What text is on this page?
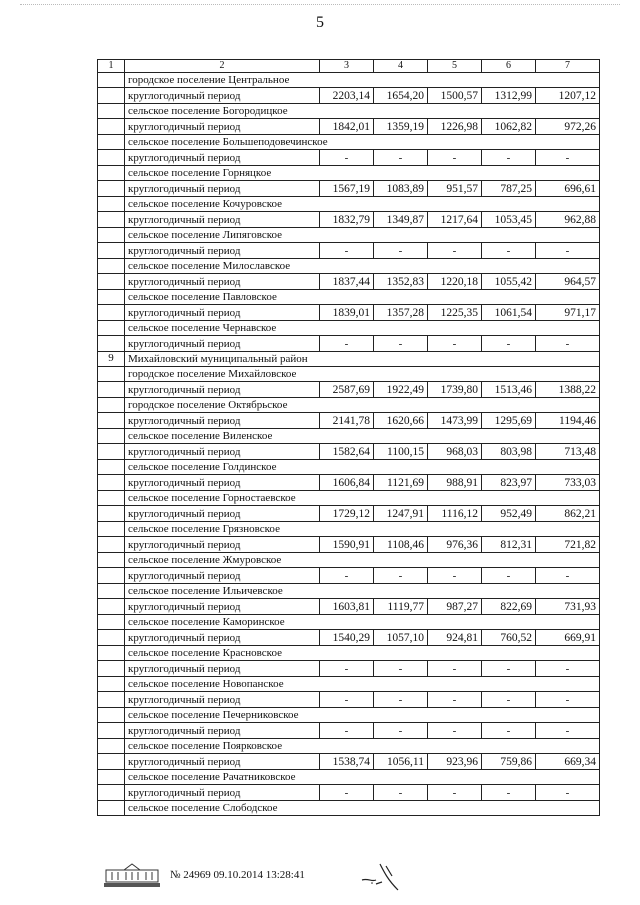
5
1	2	3	4	5	6	7
	городское поселение Центральное					
	круглогодичный период	2203,14	1654,20	1500,57	1312,99	1207,12
	сельское поселение Богородицкое					
	круглогодичный период	1842,01	1359,19	1226,98	1062,82	972,26
	сельское поселение Большеподовечинское					
	круглогодичный период	-	-	-	-	-
	сельское поселение Горняцкое					
	круглогодичный период	1567,19	1083,89	951,57	787,25	696,61
	сельское поселение Кочуровское					
	круглогодичный период	1832,79	1349,87	1217,64	1053,45	962,88
	сельское поселение Липяговское					
	круглогодичный период	-	-	-	-	-
	сельское поселение Милославское					
	круглогодичный период	1837,44	1352,83	1220,18	1055,42	964,57
	сельское поселение Павловское					
	круглогодичный период	1839,01	1357,28	1225,35	1061,54	971,17
	сельское поселение Чернавское					
	круглогодичный период	-	-	-	-	-
9	Михайловский муниципальный район					
	городское поселение Михайловское					
	круглогодичный период	2587,69	1922,49	1739,80	1513,46	1388,22
	городское поселение Октябрьское					
	круглогодичный период	2141,78	1620,66	1473,99	1295,69	1194,46
	сельское поселение Виленское					
	круглогодичный период	1582,64	1100,15	968,03	803,98	713,48
	сельское поселение Голдинское					
	круглогодичный период	1606,84	1121,69	988,91	823,97	733,03
	сельское поселение Горностаевское					
	круглогодичный период	1729,12	1247,91	1116,12	952,49	862,21
	сельское поселение Грязновское					
	круглогодичный период	1590,91	1108,46	976,36	812,31	721,82
	сельское поселение Жмуровское					
	круглогодичный период	-	-	-	-	-
	сельское поселение Ильичевское					
	круглогодичный период	1603,81	1119,77	987,27	822,69	731,93
	сельское поселение Каморинское					
	круглогодичный период	1540,29	1057,10	924,81	760,52	669,91
	сельское поселение Красновское					
	круглогодичный период	-	-	-	-	-
	сельское поселение Новопанское					
	круглогодичный период	-	-	-	-	-
	сельское поселение Печерниковское					
	круглогодичный период	-	-	-	-	-
	сельское поселение Поярковское					
	круглогодичный период	1538,74	1056,11	923,96	759,86	669,34
	сельское поселение Рачатниковское					
	круглогодичный период	-	-	-	-	-
	сельское поселение Слободское					
№ 24969 09.10.2014 13:28:41
